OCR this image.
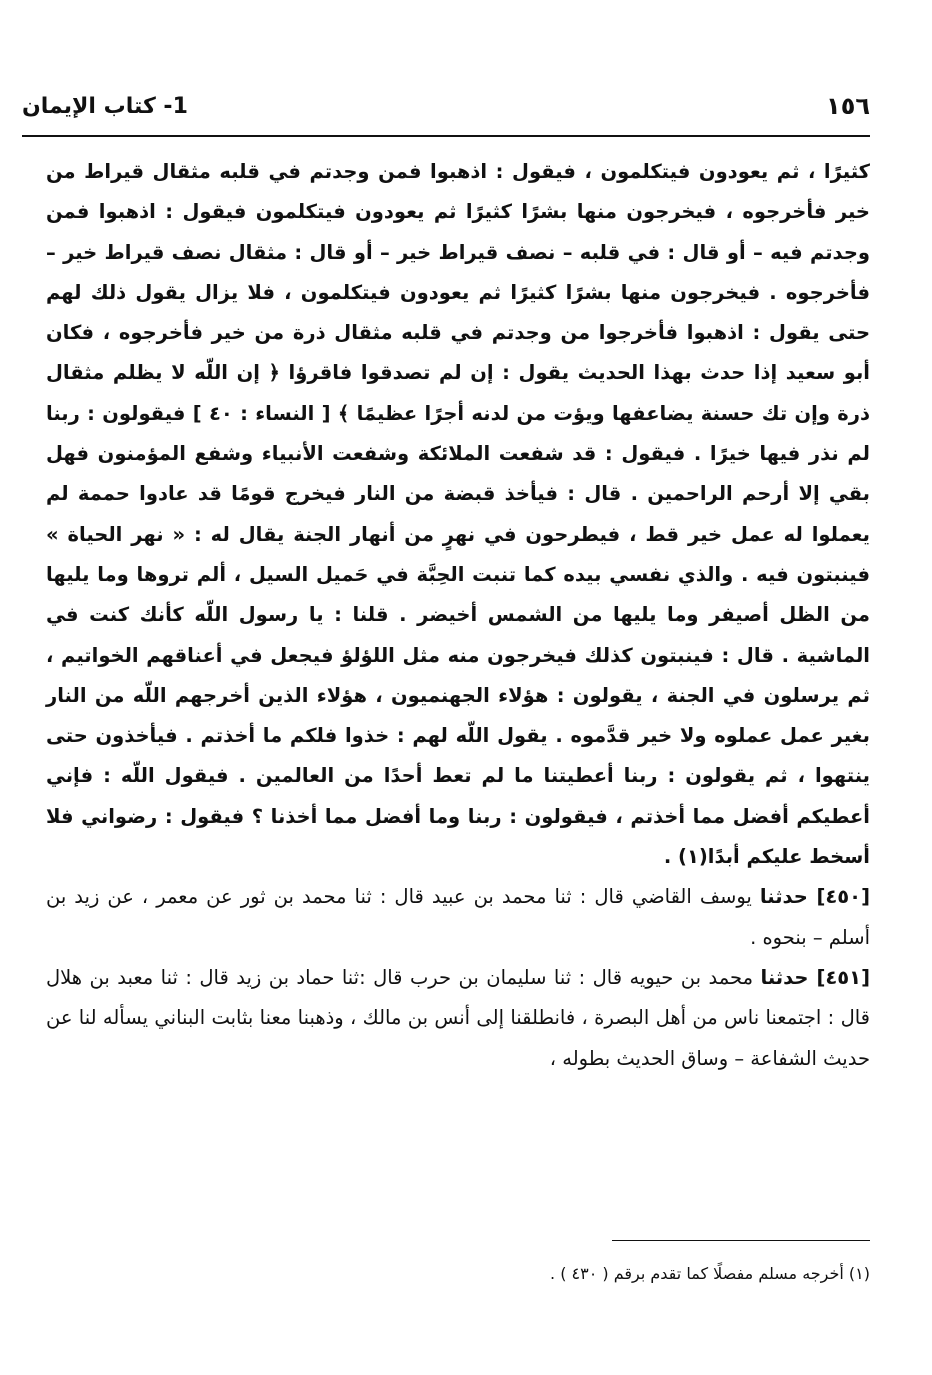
١٥٦
1- كتاب الإيمان

كثيرًا ، ثم يعودون فيتكلمون ، فيقول : اذهبوا فمن وجدتم في قلبه مثقال قيراط من خير فأخرجوه ، فيخرجون منها بشرًا كثيرًا ثم يعودون فيتكلمون فيقول : اذهبوا فمن وجدتم فيه – أو قال : في قلبه – نصف قيراط خير – أو قال : مثقال نصف قيراط خير – فأخرجوه . فيخرجون منها بشرًا كثيرًا ثم يعودون فيتكلمون ، فلا يزال يقول ذلك لهم حتى يقول : اذهبوا فأخرجوا من وجدتم في قلبه مثقال ذرة من خير فأخرجوه ، فكان أبو سعيد إذا حدث بهذا الحديث يقول : إن لم تصدقوا فاقرؤا ﴿ إن اللّه لا يظلم مثقال ذرة وإن تك حسنة يضاعفها ويؤت من لدنه أجرًا عظيمًا ﴾ [ النساء : ٤٠ ] فيقولون : ربنا لم نذر فيها خيرًا . فيقول : قد شفعت الملائكة وشفعت الأنبياء وشفع المؤمنون فهل بقي إلا أرحم الراحمين . قال : فيأخذ قبضة من النار فيخرج قومًا قد عادوا حممة لم يعملوا له عمل خير قط ، فيطرحون في نهرٍ من أنهار الجنة يقال له : « نهر الحياة » فينبتون فيه . والذي نفسي بيده كما تنبت الحِبَّة في حَميل السيل ، ألم تروها وما يليها من الظل أصيفر وما يليها من الشمس أخيضر . قلنا : يا رسول اللّه كأنك كنت في الماشية . قال : فينبتون كذلك فيخرجون منه مثل اللؤلؤ فيجعل في أعناقهم الخواتيم ، ثم يرسلون في الجنة ، يقولون : هؤلاء الجهنميون ، هؤلاء الذين أخرجهم اللّه من النار بغير عمل عملوه ولا خير قدَّموه . يقول اللّه لهم : خذوا فلكم ما أخذتم . فيأخذون حتى ينتهوا ، ثم يقولون : ربنا أعطيتنا ما لم تعط أحدًا من العالمين . فيقول اللّه : فإني أعطيكم أفضل مما أخذتم ، فيقولون : ربنا وما أفضل مما أخذنا ؟ فيقول : رضواني فلا أسخط عليكم أبدًا(١) .

[٤٥٠] حدثنا يوسف القاضي قال : ثنا محمد بن عبيد قال : ثنا محمد بن ثور عن معمر ، عن زيد بن أسلم – بنحوه .

[٤٥١] حدثنا محمد بن حيويه قال : ثنا سليمان بن حرب قال :ثنا حماد بن زيد قال : ثنا معبد بن هلال قال : اجتمعنا ناس من أهل البصرة ، فانطلقنا إلى أنس بن مالك ، وذهبنا معنا بثابت البناني يسأله لنا عن حديث الشفاعة – وساق الحديث بطوله ،

(١) أخرجه مسلم مفصلًا كما تقدم برقم ( ٤٣٠ ) .
